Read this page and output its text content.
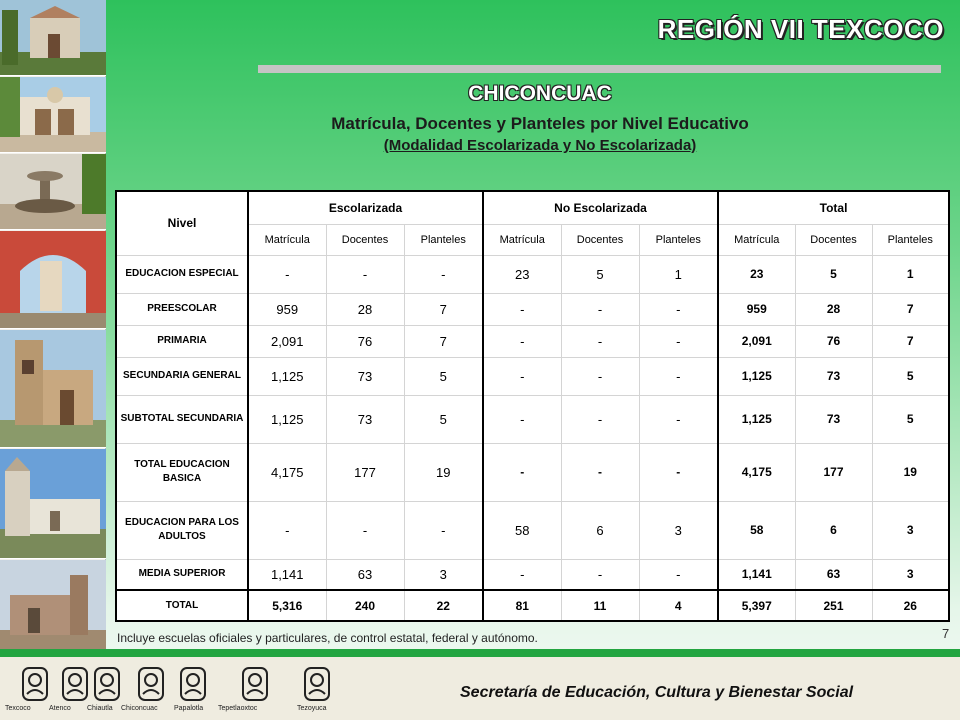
REGIÓN VII TEXCOCO
CHICONCUAC
Matrícula, Docentes y Planteles por Nivel Educativo
(Modalidad Escolarizada y No Escolarizada)
Nivel	Escolarizada			No Escolarizada			Total		
	Matrícula	Docentes	Planteles	Matrícula	Docentes	Planteles	Matrícula	Docentes	Planteles
EDUCACION ESPECIAL	-	-	-	23	5	1	23	5	1
PREESCOLAR	959	28	7	-	-	-	959	28	7
PRIMARIA	2,091	76	7	-	-	-	2,091	76	7
SECUNDARIA GENERAL	1,125	73	5	-	-	-	1,125	73	5
SUBTOTAL SECUNDARIA	1,125	73	5	-	-	-	1,125	73	5
TOTAL EDUCACION BASICA	4,175	177	19	-	-	-	4,175	177	19
EDUCACION PARA LOS ADULTOS	-	-	-	58	6	3	58	6	3
MEDIA SUPERIOR	1,141	63	3	-	-	-	1,141	63	3
TOTAL	5,316	240	22	81	11	4	5,397	251	26
Incluye escuelas oficiales y particulares, de control estatal, federal y autónomo.	7
Texcoco	Atenco Chiautla Chiconcuac Papalotla Tepetlaoxtoc	Tezoyuca
Secretaría de Educación, Cultura y Bienestar Social
